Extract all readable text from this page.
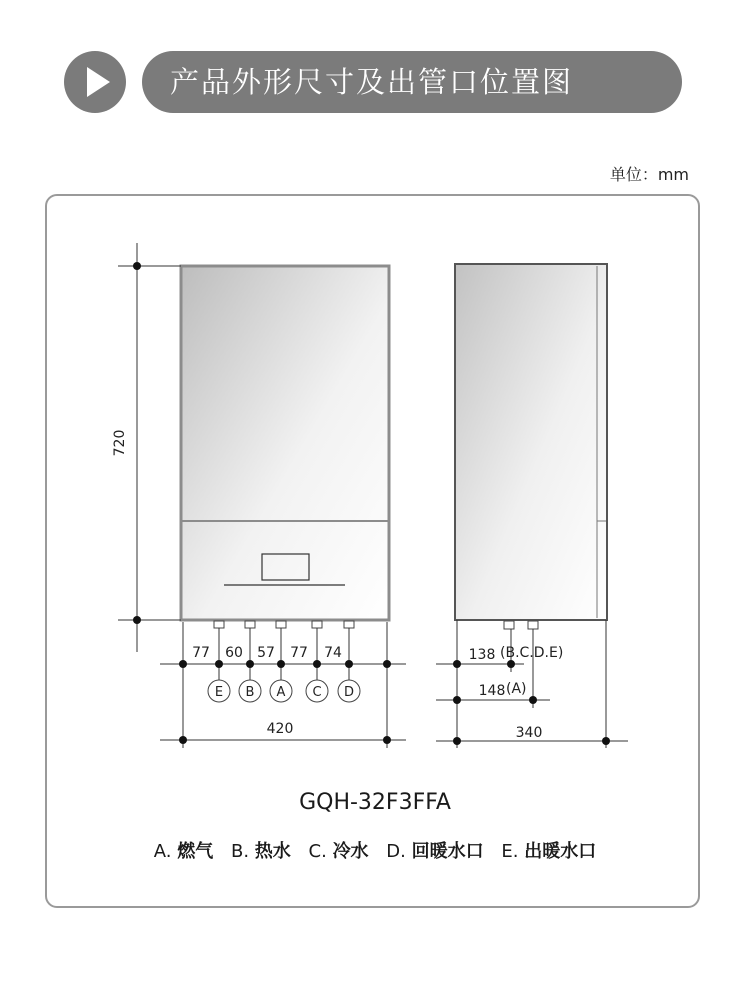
产品外形尺寸及出管口位置图
单位：mm
720
77 60 57 77 74
E B A C D
420
138 (B.C.D.E)
148 (A)
340
GQH-32F3FFA
A. 燃气 B. 热水 C. 冷水 D. 回暖水口 E. 出暖水口
